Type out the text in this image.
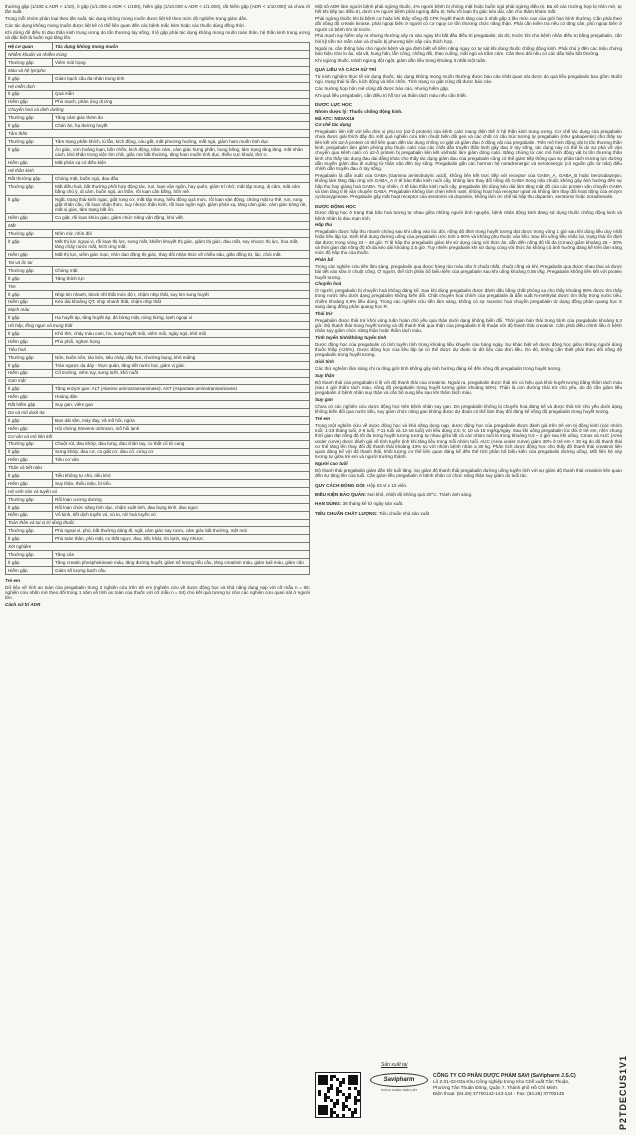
thường gặp (1/100 ≤ ADR < 1/10), ít gặp (1/1.000 ≤ ADR < 1/100), hiếm gặp (1/10.000 ≤ ADR < 1/1.000), rất hiếm gặp (ADR < 1/10.000) và chưa rõ tần suất.

Trong mỗi nhóm phân loại theo tần suất, tác dụng không mong muốn được liệt kê theo mức độ nghiêm trọng giảm dần.

Các tác dụng không mong muốn được liệt kê có thể liên quan đến các bệnh mắc kèm hoặc các thuốc dùng đồng thời.

Khi dừng để điều trị đau thần kinh trung ương do tổn thương tủy sống, tỉ lệ gặp phải tác dụng không mong muốn toàn thân, hệ thần kinh trung ương và đặc biệt là buồn ngủ tăng lên.

Hệ cơ quan	Tác dụng không mong muốn
Nhiễm khuẩn và nhiễm trùng	
Thường gặp	Viêm mũi họng
Máu và hệ lympho	
Ít gặp	Giảm bạch cầu đa nhân trung tính
Hệ miễn dịch	
Ít gặp	Quá mẫn
Hiếm gặp	Phù mạch, phản ứng dị ứng
Chuyển hoá và dinh dưỡng	
Thường gặp	Tăng cảm giác thèm ăn
Ít gặp	Chán ăn, hạ đường huyết
Tâm thần	
Thường gặp	Tâm trạng phấn khích, lú lẫn, kích động, cáu gắt, mất phương hướng, mất ngủ, giảm ham muốn tình dục
Ít gặp	Ảo giác, cơn hoảng loạn, bồn chồn, kích động, trầm cảm, cảm giác hưng phấn, hung hăng, tâm trạng tăng lăng, mất nhân cách, khó khăn trong việc tìm chữ, giấc mơ bất thường, tăng ham muốn tình dục, thiếu cực khoái, thờ ơ.
Hiếm gặp	Mất phản xạ có điều kiện
Hệ thần kinh	
Rất thường gặp	Chóng mặt, buồn ngủ, đau đầu
Thường gặp	Mất điều hoà, bất thường phối hợp động tác, run, loạn vận ngôn, hay quên, giảm trí nhớ, mất tập trung, dị cảm, mất cảm bằng chủ ý, dị cảm, buồn ngủ, an thần, rối loạn cân bằng, hôn mê.
Ít gặp	Ngất, trạng thái kinh ngạc, giật rung cơ, mất tập trung, hiếu động quá mức, rối loạn vận động, chóng mặt tư thế, run, rung giật nhãn cầu, rối loạn nhận thức, suy nhược thần kinh, rối loạn ngôn ngữ, giảm phản xạ, tăng cảm giác, cảm giác bỏng rát, mất vị giác, tâm trạng bất ổn.
Hiếm gặp	Co giật, rối loạn khứu giác, giảm chức năng vận động, khó viết.
Mắt	
Thường gặp	Nhìn mờ, nhìn đôi
Ít gặp	Mất thị lực ngoại vi, rối loạn thị lực, sưng mắt, khiếm khuyết thị giác, giảm thị giác, đau mắt, suy nhược thị lực, hoa mắt, tăng chảy nước mắt, kích ứng mắt.
Hiếm gặp	Mất thị lực, viêm giác mạc, nhìn dao động thị giác, thay đổi nhận thức về chiều sâu, giãn đồng tử, lác, chói mắt.
Tai và ốc tai	
Thường gặp	Chóng mặt
Ít gặp	Tăng thính lực
Tim	
Ít gặp	Nhịp tim nhanh, block nhĩ thất mức độ I, chậm nhịp thất, suy tim sung huyết
Hiếm gặp	Kéo dài khoảng QT, nhịp nhanh thất, chậm nhịp thất
Mạch máu	
Ít gặp	Hạ huyết áp, tăng huyết áp, đỏ bừng mặt, nóng bừng, lạnh ngoại vi
Hô hấp, lồng ngực và trung thất	
Ít gặp	Khó thở, chảy máu cam, ho, sung huyết mũi, viêm mũi, ngáy ngủ, khô mũi
Hiếm gặp	Phù phổi, nghẹn họng
Tiêu hoá	
Thường gặp	Nôn, buồn nôn, táo bón, tiêu chảy, đầy hơi, chướng bụng, khô miệng
Ít gặp	Trào ngược dạ dày - thực quản, tăng tiết nước bọt, giảm vị giác
Hiếm gặp	Cổ trướng, viêm tụy, sưng lưỡi, khó nuốt
Gan mật	
Ít gặp	Tăng enzym gan: ALT (Alanine aminotransaminase); AST (Aspartate aminotransaminase)
Hiếm gặp	Hoàng đản
Rất hiếm gặp	Suy gan, viêm gan
Da và mô dưới da	
Ít gặp	Ban dát sần, mày đay, vã mồ hôi, ngứa
Hiếm gặp	Hội chứng Stevens-Johnson, mồ hôi lạnh
Cơ vân và mô liên kết	
Thường gặp	Chuột rút, đau khớp, đau lưng, đau chân tay, co thắt cổ tử cung
Ít gặp	Sưng khớp, đau cơ, co giật cơ, đau cổ, cứng cơ
Hiếm gặp	Tiêu cơ vân
Thận và tiết niệu	
Ít gặp	Tiểu không tự chủ, tiểu khó
Hiếm gặp	Suy thận, thiểu niệu, bí tiểu
Hệ sinh sản và tuyến vú	
Thường gặp	Rối loạn cương dương
Ít gặp	Rối loạn chức năng tình dục, chậm xuất tinh, đau bụng kinh, đau ngực
Hiếm gặp	Vô kinh, tiết dịch tuyến vú, vú to, nữ hoá tuyến vú
Toàn thân và tại vị trí dùng thuốc	
Thường gặp	Phù ngoại vi, phù, bất thường dáng đi, ngã, cảm giác say rượu, cảm giác bất thường, mệt mỏi
Ít gặp	Phù toàn thân, phù mặt, co thắt ngực, đau, sốt, khát, ớn lạnh, suy nhược
Xét nghiệm	
Thường gặp	Tăng cân
Ít gặp	Tăng creatin phosphokinase máu, tăng đường huyết, giảm số lượng tiểu cầu, tăng creatinin máu, giảm kali máu, giảm cân
Hiếm gặp	Giảm số lượng bạch cầu

Trẻ em

Dữ liệu về tính an toàn của pregabalin trong 2 nghiên cứu trên trẻ em (nghiên cứu về dược động học và khả năng dung nạp với cỡ mẫu n = 65; nghiên cứu nhãn mở theo dõi trong 1 năm về tính an toàn của thuốc với cỡ mẫu n = 54) cho kết quả tương tự như các nghiên cứu quan sát ở người lớn.

Cách xử trí ADR

Một số ADR làm người bệnh phải ngừng thuốc, 4% người bệnh bị chóng mặt hoặc buồn ngủ phải ngừng điều trị. Ba số các trường hợp bị nhìn mờ, tự hết khi tiếp tục điều trị, dưới 1% người bệnh phải ngừng điều trị. Nếu rối loạn thị giác kéo dài, cần cho thăm khám mắt.

Phải ngừng thuốc khi bị bệnh cơ hoặc khi thấy nồng độ CPK huyết thanh tăng cao ít nhất gấp 3 lần mức cao của giới hạn bình thường. Cần phải theo dõi nồng độ creatin kinase, phải ngoại biên ở người có cơ nguy cơ tổn thương chức năng thận. Phải cần kiểm tra nếu có tăng cân, phù ngoại biên ở người có bệnh tim từ trước.

Phù mạch tuy hiếm xảy ra nhưng thường xảy ra vào ngay khi bắt đầu điều trị pregabalin; do đó, trước khi cho bệnh nhân điều trị bằng pregabalin, cần hỏi kỹ tiền sử mẫn cảm và chuẩn bị phương tiện cấp cứu thích hợp.

Ngoài ra, cần thông báo cho người bệnh và gia đình biết về tiềm năng nguy cơ tự sát khi dùng thuốc chống động kinh. Phải chú ý đến các triệu chứng báo hiệu như lo âu, vật vã, hung hăn, lẫn công, chống đối, thao cuồng, mất ngủ và trầm cảm. Cần theo dõi nếu có các dấu hiệu bất thường.

Khi ngừng thuốc, tránh ngừng đột ngột, giảm dần liều trong khoảng ít nhất một tuần.

QUÁ LIỀU VÀ CÁCH XỬ TRÍ

Từ kinh nghiệm thực tế sử dụng thuốc, tác dụng không mong muốn thường được báo cáo nhất quan sát được do quá liều pregabalin bao gồm: Buồn ngủ, trạng thái lú lẫn, kích động và bồn chồn. Tình trạng co giật cũng đã được báo cáo.

Các trường hợp hôn mê cũng đã được báo cáo, nhưng hiếm gặp.

Khi quá liều pregabalin, cần điều trị hỗ trợ và thẩm tách máu nếu cần thiết.

DƯỢC LỰC HỌC

Nhóm dược lý: Thuốc chống động kinh.

Mã ATC: N03AX16

Cơ chế tác dụng

Pregabalin liên kết với tiểu đơn vị phụ trợ (α2-δ protein) của kênh calci mang điện thế ở hệ thần kinh trung ương. Cơ chế tác dụng của pregabalin chưa được giải thích đầy đủ. Kết quả nghiên cứu trên chuột biến đổi gen và các chất có cấu trúc tương tự pregabalin (như gabapentin) cho thấy sự liên kết với α2-δ protein có thể liên quan đến tác dụng chống co giật và giảm đau ở động vật của pregabalin. Trên mô hình động vật bị tổn thương thần kinh, pregabalin làm giảm phóng phụ thuộc calci của các chất dẫn truyền thần kinh gây đau ở tủy sống, tác dụng này có thể là do sự phá vỡ vận chuyển qua kênh calci có α2-δ protein bị pregabalin liên kết và/hoặc làm giảm dòng calci. Bằng chứng từ các mô hình động vật bị tổn thương thần kinh cho thấy tác dụng đau dai dẳng khác cho thấy tác dụng giảm đau của pregabalin cũng có thể giảm tiếp thông qua sự phân tách trương lực đường dẫn truyền giảm đau đi xuống từ thân não đến tủy sống. Pregabalin gắn các hormon hệ noradrenergic và serotonergic (có nguồn gốc từ não) điều chỉnh dẫn truyền đau ở tủy sống.

Pregabalin là dẫn xuất của GABA (Gamma aminobutyric acid), không liên kết trực tiếp với receptor của GABA_A, GABA_B hoặc benzodiazepin, không làm tăng đáp ứng với GABA_A ở tế bào thần kinh nuôi cấy, không làm thay đổi nồng độ GABA trong não chuột, không gây ảnh hưởng đến sự hấp thu hay giáng hoá GABA. Tuy nhiên, ở tế bào thần kinh nuôi cấy, pregabalin khi dùng kéo dài làm tăng mật độ của các protein vận chuyển GABA và làm tăng tỉ lệ vận chuyển GABA. Pregabalin không làm chẹn kênh natri, không hoạt hoá receptor opiat và không làm thay đổi hoạt động của enzym cyclooxygenase. Pregabalin gây mất hoạt receptor của serotonin và dopamin, không làm ức chế tái hấp thu dopamin, serotonin hoặc noradrenalin.

DƯỢC ĐỘNG HỌC

Dược động học ở trạng thái bão hoà tương tự nhau giữa những người tình nguyện, bệnh nhân động kinh đang sử dụng thuốc chống động kinh và bệnh nhân bị đau mạn tính.

Hấp thu

Pregabalin được hấp thu nhanh chóng sau khi uống vào lúc đói, nồng độ đỉnh trong huyết tương đạt được trong vòng 1 giờ sau khi dùng liều duy nhất hoặc liều lặp lại. Sinh khả dụng đường uống của pregabalin ước tính ≥ 90% và không phụ thuộc vào liều. Sau khi uống liều nhắc lại, trạng thái ổn định đạt được trong vòng 24 – 48 giờ. Tỉ lệ hấp thu pregabalin giảm khi sử dụng cùng với thức ăn, dẫn đến nồng độ tối đa (Cmax) giảm khoảng 25 – 30% và thời gian đạt nồng độ tối đa kéo dài khoảng 2,5 giờ. Tuy nhiên pregabalin khi sử dụng cùng với thức ăn không có ảnh hưởng đáng kể trên lâm sàng mức độ hấp thu của thuốc.

Phân bố

Trong các nghiên cứu tiền lâm sàng, pregabalin qua được hàng rào máu não ở chuột nhắt, chuột cống và khỉ. Pregabalin qua được nhau thai và được bài tiết vào sữa ở chuột cống. Ở người, thể tích phân bố biểu kiến của pregabalin sau khi uống khoảng 0,56 l/kg. Pregabalin không liên kết với protein huyết tương.

Chuyển hoá

Ở người, pregabalin bị chuyển hoá không đáng kể. Sau khi dùng pregabalin được đánh dấu bằng chất phóng xạ cho thấy khoảng 98% được tìm thấy trong nước tiểu dưới dạng pregabalin không biến đổi. Chất chuyển hoá chính của pregabalin là dẫn xuất N-methylat được tìm thấy trong nước tiểu, chiếm khoảng 0,9% liều dùng. Trong các nghiên cứu tiền lâm sàng, không có sự racemic hoá chuyển pregabalin từ dạng đồng phân quang học S sang dạng đồng phân quang học R.

Thải trừ

Pregabalin được thải trừ khỏi vòng tuần hoàn chủ yếu qua thận dưới dạng không biến đổi. Thời gian bán thải trung bình của pregabalin khoảng 6,3 giờ. Độ thanh thải trong huyết tương và độ thanh thải qua thận của pregabalin tỉ lệ thuận với độ thanh thải creatinin. Cần phải điều chỉnh liều ở bệnh nhân suy giảm chức năng thận hoặc thẩm tách máu.

Tính tuyến tính/không tuyến tính

Dược động học của pregabalin có tính tuyến tính trong khoảng liều khuyến cáo hàng ngày. Sự khác biệt về dược động học giữa những người dùng thuốc thấp (<20%). Dược động học của liều lặp lại có thể được dự đoán từ dữ liệu của đơn liều. Do đó, không cần thiết phải theo dõi nồng độ pregabalin trong huyết tương.

Giới tính

Các thử nghiệm lâm sàng chỉ ra rằng giới tính không gây ảnh hưởng đáng kể đến nồng độ pregabalin trong huyết tương.

Suy thận

Độ thanh thải của pregabalin tỉ lệ với độ thanh thải của creatinin. Ngoài ra, pregabalin được thải trừ có hiệu quả khỏi huyết tương bằng thẩm tách máu (sau 4 giờ thẩm tách máu, nồng độ pregabalin trong huyết tương giảm khoảng 50%). Thận là con đường thải trừ chủ yếu, do đó cần giảm liều pregabalin ở bệnh nhân suy thận và cần bổ sung liều sau khi thẩm tách máu.

Suy gan

Chưa có các nghiên cứu dược động học trên bệnh nhân suy gan. Do pregabalin không bị chuyển hoá đáng kể và được thải trừ chủ yếu dưới dạng không biến đổi qua nước tiểu, suy giảm chức năng gan không được dự đoán có thể làm thay đổi đáng kể nồng độ pregabalin trong huyết tương.

Trẻ em

Trong một nghiên cứu về dược động học và khả năng dung nạp, dược động học của pregabalin được đánh giá trên trẻ em bị động kinh (các nhóm tuổi: 1-23 tháng tuổi, 2-6 tuổi, 7-11 tuổi và 12-16 tuổi) với liều dùng 2,5; 5; 10 và 15 mg/kg/ngày. Sau khi uống pregabalin lúc đói ở trẻ em, nhìn chung thời gian đạt nồng độ tối đa trong huyết tương tương tự nhau giữa tất cả các nhóm tuổi là trong khoảng 0,5 – 2 giờ sau khi uống. Cmax và AUC (Area under curve) được đánh giá về tính tuyến tính khi tăng liều trong mỗi nhóm tuổi. AUC (Area under curve) giảm 30% ở trẻ em < 30 kg do độ thanh thải cơ thể tăng lên thay đổi độ thanh thải khoảng 43% so với nhóm bệnh nhân ≥ 30 kg. Phân tích dược động học cho thấy độ thanh thải creatinin liên quan đáng kể với độ thanh thải, khối lượng cơ thể liên quan đáng kể đến thể tích phân bố biểu kiến của pregabalin đường uống. Mối liên hệ này tương tự giữa trẻ em và người trưởng thành.

Người cao tuổi

Độ thanh thải pregabalin giảm dần khi tuổi tăng. Sự giảm độ thanh thải pregabalin đường uống tuyến tính với sự giảm độ thanh thải creatinin liên quan đến sự tăng lên của tuổi. Cần giảm liều pregabalin ở bệnh nhân có chức năng thận suy giảm do tuổi tác.

QUY CÁCH ĐÓNG GÓI: Hộp 03 vỉ x 10 viên.

ĐIỀU KIỆN BẢO QUẢN: Nơi khô, nhiệt độ không quá 30°C. Tránh ánh sáng.

HẠN DÙNG: 36 tháng kể từ ngày sản xuất.

TIÊU CHUẨN CHẤT LƯỢNG: Tiêu chuẩn nhà sản xuất

Sản xuất tại
Savipharm
TRÁCH NHIỆM TRÊN HẾT
CÔNG TY CỔ PHẦN DƯỢC PHẨM SAVI (SaVipharm J.S.C)
Lô Z.01-02-03a Khu Công nghiệp trong Khu Chế xuất Tân Thuận,
Phường Tân Thuận Đông, Quận 7, Thành phố Hồ Chí Minh.
Điện thoại: (84.28) 37700142-143-144 - Fax: (84.28) 37700145	P2TDECUS1V1
